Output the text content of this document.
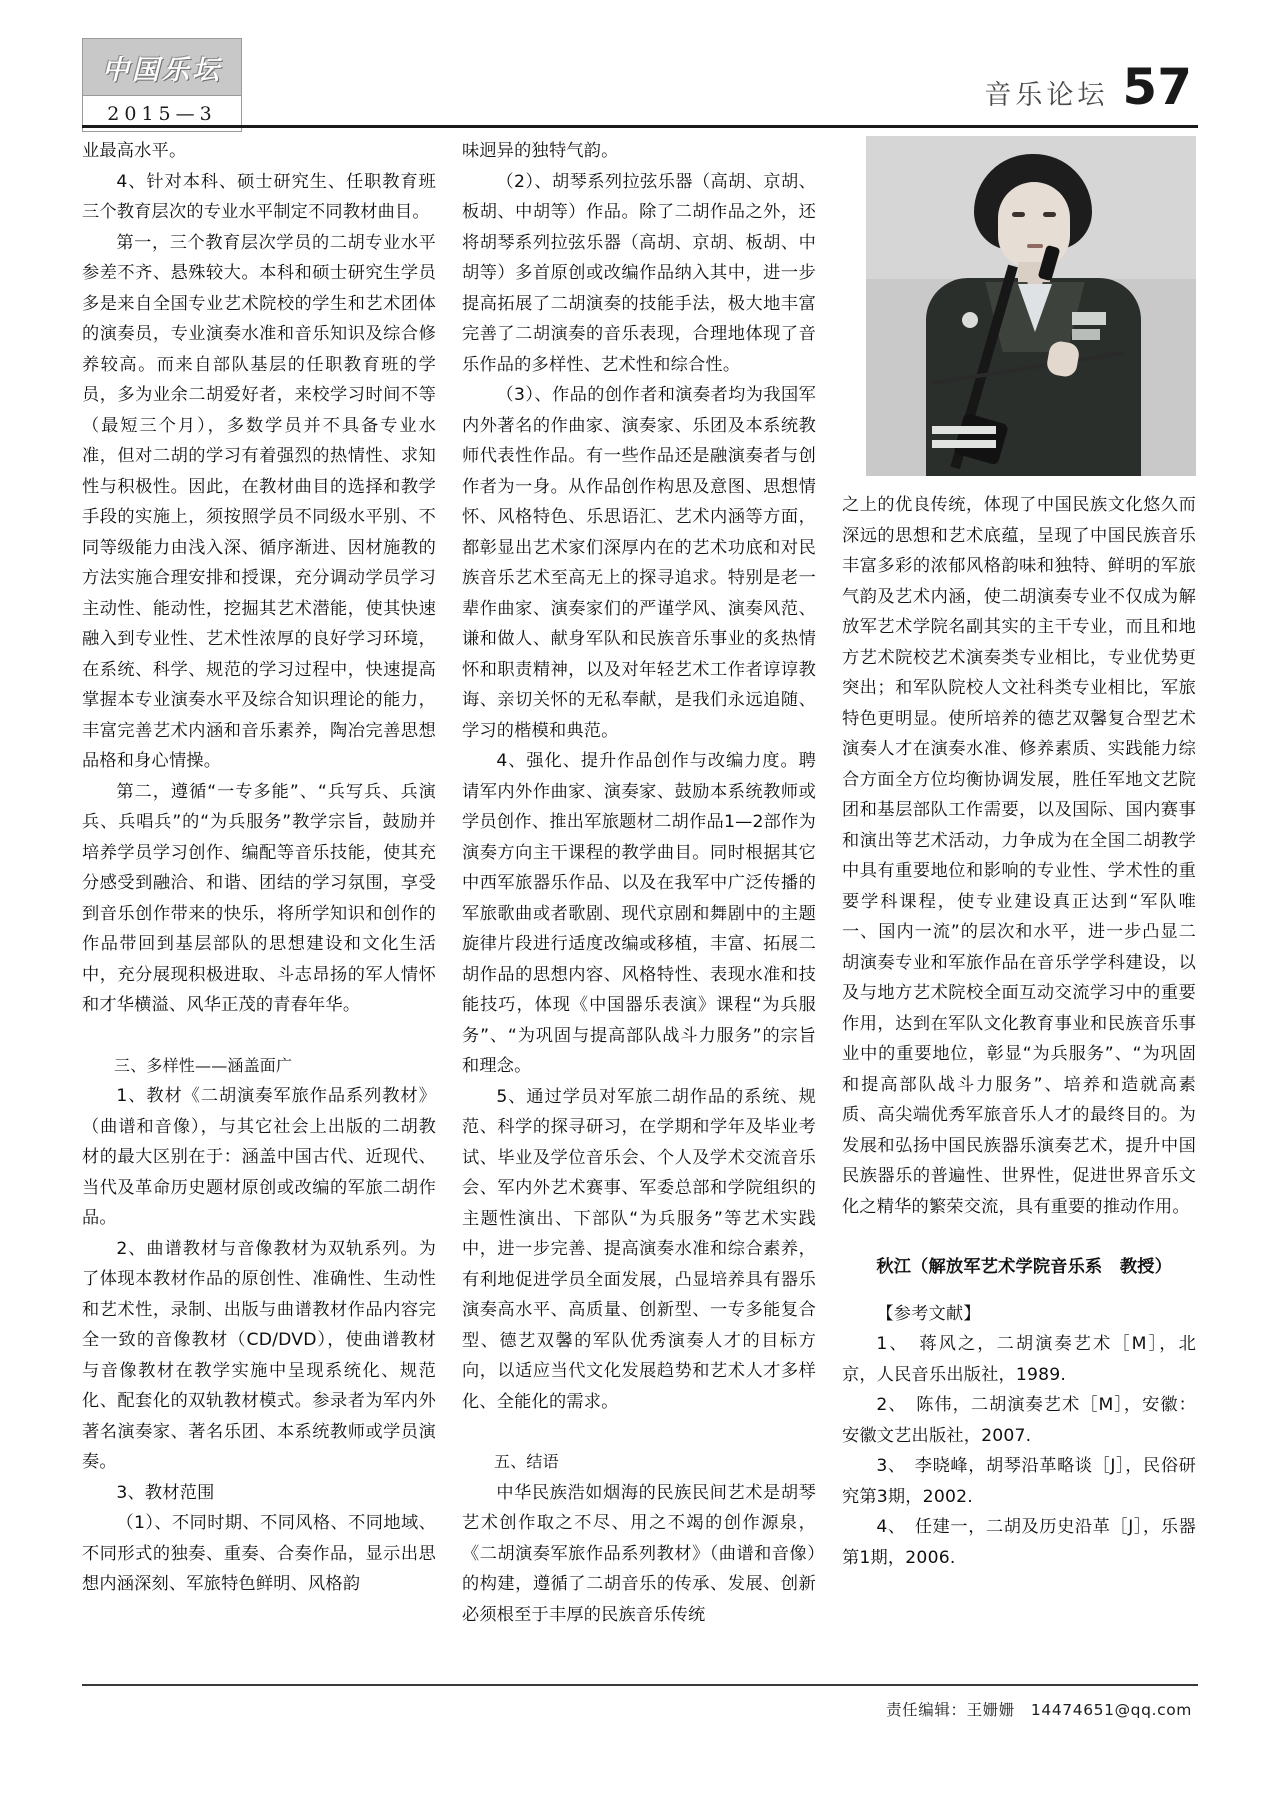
中国乐坛
2015—3
音乐论坛 57

业最高水平。

4、针对本科、硕士研究生、任职教育班三个教育层次的专业水平制定不同教材曲目。

第一，三个教育层次学员的二胡专业水平参差不齐、悬殊较大。本科和硕士研究生学员多是来自全国专业艺术院校的学生和艺术团体的演奏员，专业演奏水准和音乐知识及综合修养较高。而来自部队基层的任职教育班的学员，多为业余二胡爱好者，来校学习时间不等（最短三个月），多数学员并不具备专业水准，但对二胡的学习有着强烈的热情性、求知性与积极性。因此，在教材曲目的选择和教学手段的实施上，须按照学员不同级水平别、不同等级能力由浅入深、循序渐进、因材施教的方法实施合理安排和授课，充分调动学员学习主动性、能动性，挖掘其艺术潜能，使其快速融入到专业性、艺术性浓厚的良好学习环境，在系统、科学、规范的学习过程中，快速提高掌握本专业演奏水平及综合知识理论的能力，丰富完善艺术内涵和音乐素养，陶冶完善思想品格和身心情操。

第二，遵循“一专多能”、“兵写兵、兵演兵、兵唱兵”的“为兵服务”教学宗旨，鼓励并培养学员学习创作、编配等音乐技能，使其充分感受到融洽、和谐、团结的学习氛围，享受到音乐创作带来的快乐，将所学知识和创作的作品带回到基层部队的思想建设和文化生活中，充分展现积极进取、斗志昂扬的军人情怀和才华横溢、风华正茂的青春年华。

三、多样性——涵盖面广

1、教材《二胡演奏军旅作品系列教材》（曲谱和音像），与其它社会上出版的二胡教材的最大区别在于：涵盖中国古代、近现代、当代及革命历史题材原创或改编的军旅二胡作品。

2、曲谱教材与音像教材为双轨系列。为了体现本教材作品的原创性、准确性、生动性和艺术性，录制、出版与曲谱教材作品内容完全一致的音像教材（CD/DVD），使曲谱教材与音像教材在教学实施中呈现系统化、规范化、配套化的双轨教材模式。参录者为军内外著名演奏家、著名乐团、本系统教师或学员演奏。

3、教材范围

（1）、不同时期、不同风格、不同地域、不同形式的独奏、重奏、合奏作品，显示出思想内涵深刻、军旅特色鲜明、风格韵

味迥异的独特气韵。

（2）、胡琴系列拉弦乐器（高胡、京胡、板胡、中胡等）作品。除了二胡作品之外，还将胡琴系列拉弦乐器（高胡、京胡、板胡、中胡等）多首原创或改编作品纳入其中，进一步提高拓展了二胡演奏的技能手法，极大地丰富完善了二胡演奏的音乐表现，合理地体现了音乐作品的多样性、艺术性和综合性。

（3）、作品的创作者和演奏者均为我国军内外著名的作曲家、演奏家、乐团及本系统教师代表性作品。有一些作品还是融演奏者与创作者为一身。从作品创作构思及意图、思想情怀、风格特色、乐思语汇、艺术内涵等方面，都彰显出艺术家们深厚内在的艺术功底和对民族音乐艺术至高无上的探寻追求。特别是老一辈作曲家、演奏家们的严谨学风、演奏风范、谦和做人、献身军队和民族音乐事业的炙热情怀和职责精神，以及对年轻艺术工作者谆谆教诲、亲切关怀的无私奉献，是我们永远追随、学习的楷模和典范。

4、强化、提升作品创作与改编力度。聘请军内外作曲家、演奏家、鼓励本系统教师或学员创作、推出军旅题材二胡作品1—2部作为演奏方向主干课程的教学曲目。同时根据其它中西军旅器乐作品、以及在我军中广泛传播的军旅歌曲或者歌剧、现代京剧和舞剧中的主题旋律片段进行适度改编或移植，丰富、拓展二胡作品的思想内容、风格特性、表现水准和技能技巧，体现《中国器乐表演》课程“为兵服务”、“为巩固与提高部队战斗力服务”的宗旨和理念。

5、通过学员对军旅二胡作品的系统、规范、科学的探寻研习，在学期和学年及毕业考试、毕业及学位音乐会、个人及学术交流音乐会、军内外艺术赛事、军委总部和学院组织的主题性演出、下部队“为兵服务”等艺术实践中，进一步完善、提高演奏水准和综合素养，有利地促进学员全面发展，凸显培养具有器乐演奏高水平、高质量、创新型、一专多能复合型、德艺双馨的军队优秀演奏人才的目标方向，以适应当代文化发展趋势和艺术人才多样化、全能化的需求。

五、结语

中华民族浩如烟海的民族民间艺术是胡琴艺术创作取之不尽、用之不竭的创作源泉，《二胡演奏军旅作品系列教材》（曲谱和音像）的构建，遵循了二胡音乐的传承、发展、创新必须根至于丰厚的民族音乐传统

之上的优良传统，体现了中国民族文化悠久而深远的思想和艺术底蕴，呈现了中国民族音乐丰富多彩的浓郁风格韵味和独特、鲜明的军旅气韵及艺术内涵，使二胡演奏专业不仅成为解放军艺术学院名副其实的主干专业，而且和地方艺术院校艺术演奏类专业相比，专业优势更突出；和军队院校人文社科类专业相比，军旅特色更明显。使所培养的德艺双馨复合型艺术演奏人才在演奏水准、修养素质、实践能力综合方面全方位均衡协调发展，胜任军地文艺院团和基层部队工作需要，以及国际、国内赛事和演出等艺术活动，力争成为在全国二胡教学中具有重要地位和影响的专业性、学术性的重要学科课程，使专业建设真正达到“军队唯一、国内一流”的层次和水平，进一步凸显二胡演奏专业和军旅作品在音乐学学科建设，以及与地方艺术院校全面互动交流学习中的重要作用，达到在军队文化教育事业和民族音乐事业中的重要地位，彰显“为兵服务”、“为巩固和提高部队战斗力服务”、培养和造就高素质、高尖端优秀军旅音乐人才的最终目的。为发展和弘扬中国民族器乐演奏艺术，提升中国民族器乐的普遍性、世界性，促进世界音乐文化之精华的繁荣交流，具有重要的推动作用。

秋江（解放军艺术学院音乐系　教授）

【参考文献】

1、　蒋风之，二胡演奏艺术［M］，北京，人民音乐出版社，1989.

2、　陈伟，二胡演奏艺术［M］，安徽：安徽文艺出版社，2007.

3、　李晓峰，胡琴沿革略谈［J］，民俗研究第3期，2002.

4、　任建一，二胡及历史沿革［J］，乐器第1期，2006.

责任编辑：王姗姗 14474651@qq.com
